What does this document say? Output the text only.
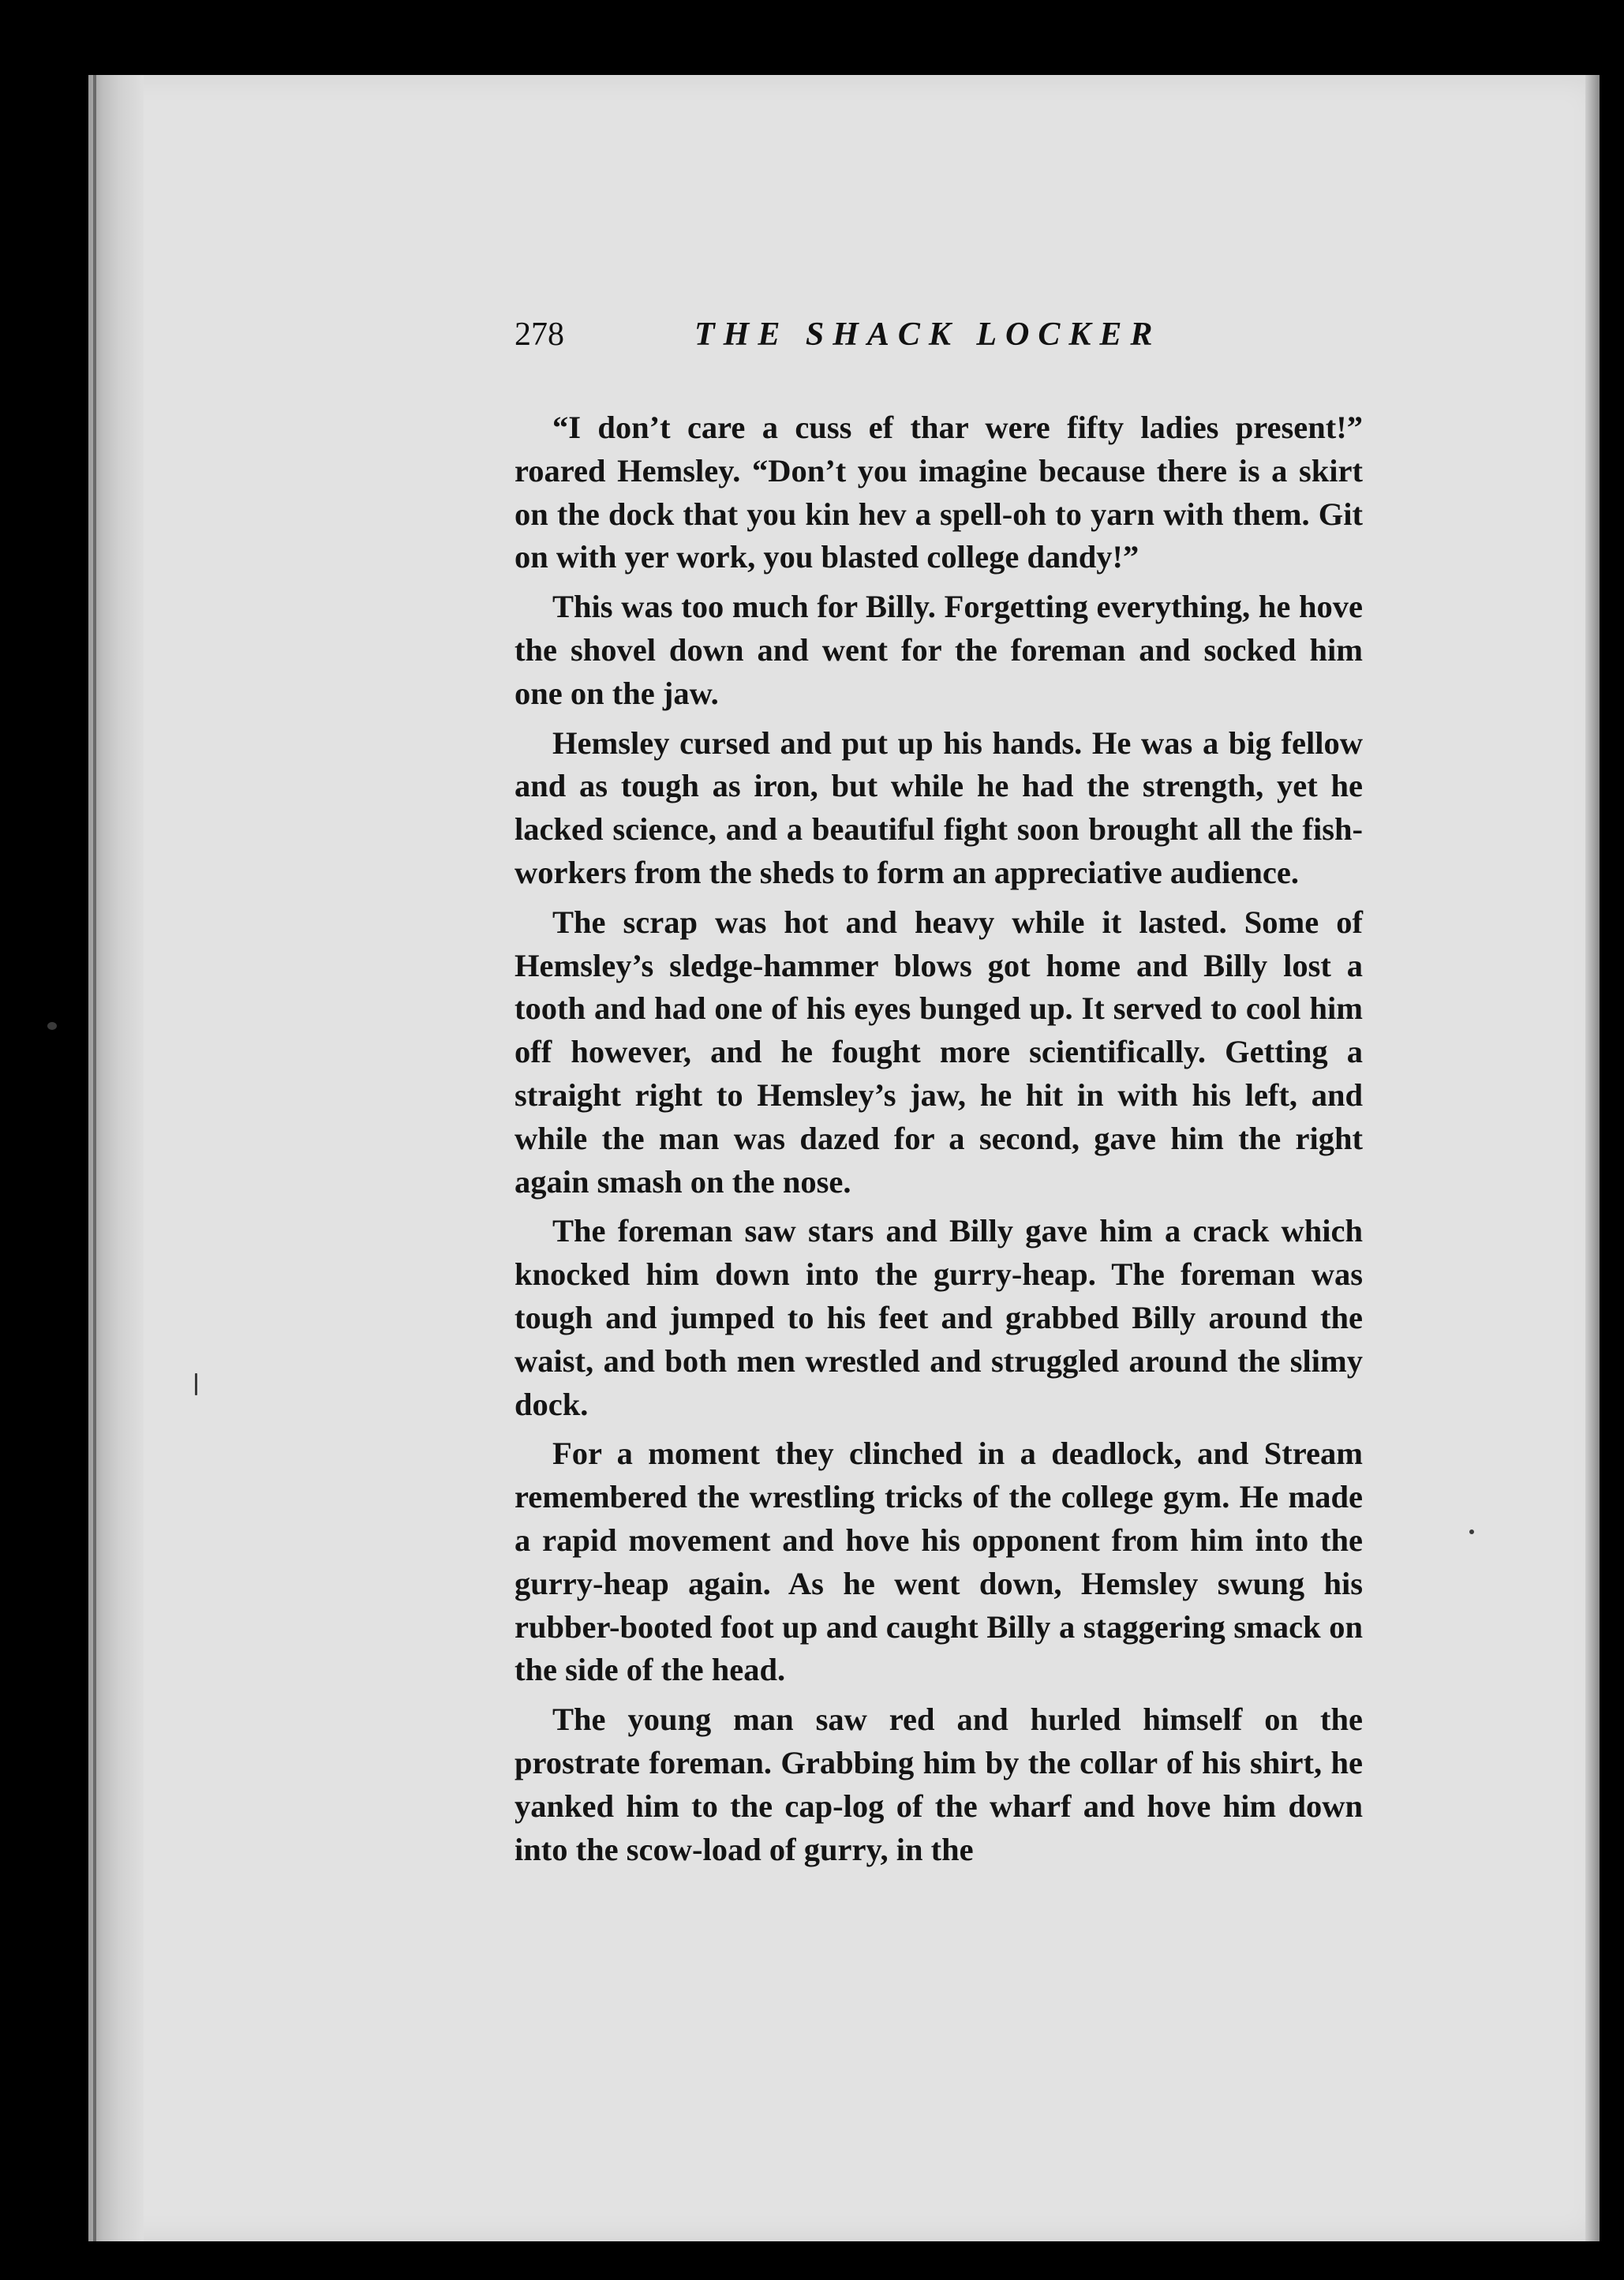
278	THE SHACK LOCKER

“I don’t care a cuss ef thar were fifty ladies present!” roared Hemsley. “Don’t you imagine because there is a skirt on the dock that you kin hev a spell-oh to yarn with them. Git on with yer work, you blasted college dandy!”

This was too much for Billy. Forgetting everything, he hove the shovel down and went for the foreman and socked him one on the jaw.

Hemsley cursed and put up his hands. He was a big fellow and as tough as iron, but while he had the strength, yet he lacked science, and a beautiful fight soon brought all the fish-workers from the sheds to form an appreciative audience.

The scrap was hot and heavy while it lasted. Some of Hemsley’s sledge-hammer blows got home and Billy lost a tooth and had one of his eyes bunged up. It served to cool him off however, and he fought more scientifically. Getting a straight right to Hemsley’s jaw, he hit in with his left, and while the man was dazed for a second, gave him the right again smash on the nose.

The foreman saw stars and Billy gave him a crack which knocked him down into the gurry-heap. The foreman was tough and jumped to his feet and grabbed Billy around the waist, and both men wrestled and struggled around the slimy dock.

For a moment they clinched in a deadlock, and Stream remembered the wrestling tricks of the college gym. He made a rapid movement and hove his opponent from him into the gurry-heap again. As he went down, Hemsley swung his rubber-booted foot up and caught Billy a staggering smack on the side of the head.

The young man saw red and hurled himself on the prostrate foreman. Grabbing him by the collar of his shirt, he yanked him to the cap-log of the wharf and hove him down into the scow-load of gurry, in the
